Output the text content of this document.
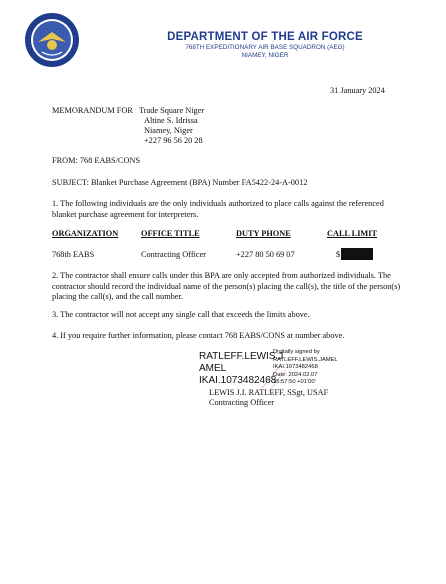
DEPARTMENT OF THE AIR FORCE
768TH EXPEDITIONARY AIR BASE SQUADRON (AEG)
NIAMEY, NIGER
31 January 2024
MEMORANDUM FOR Trade Square Niger
Altine S. Idrissa
Niamey, Niger
+227 96 56 20 28
FROM: 768 EABS/CONS
SUBJECT: Blanket Purchase Agreement (BPA) Number FA5422-24-A-0012
1. The following individuals are the only individuals authorized to place calls against the referenced blanket purchase agreement for interpreters.
ORGANIZATION	OFFICE TITLE	DUTY PHONE	CALL LIMIT
768th EABS	Contracting Officer	+227 80 50 69 07	$
2. The contractor shall ensure calls under this BPA are only accepted from authorized individuals. The contractor should record the individual name of the person(s) placing the call(s), the title of the person(s) placing the call(s), and the call number.
3. The contractor will not accept any single call that exceeds the limits above.
4. If you require further information, please contact 768 EABS/CONS at number above.
RATLEFF.LEWIS.J
AMEL
IKAI.1073482468
Digitally signed by
RATLEFF.LEWIS.JAMEL
IKAI.1073482468
Date: 2024.02.07
15:57:50 +01'00'
LEWIS J.I. RATLEFF, SSgt, USAF
Contracting Officer
